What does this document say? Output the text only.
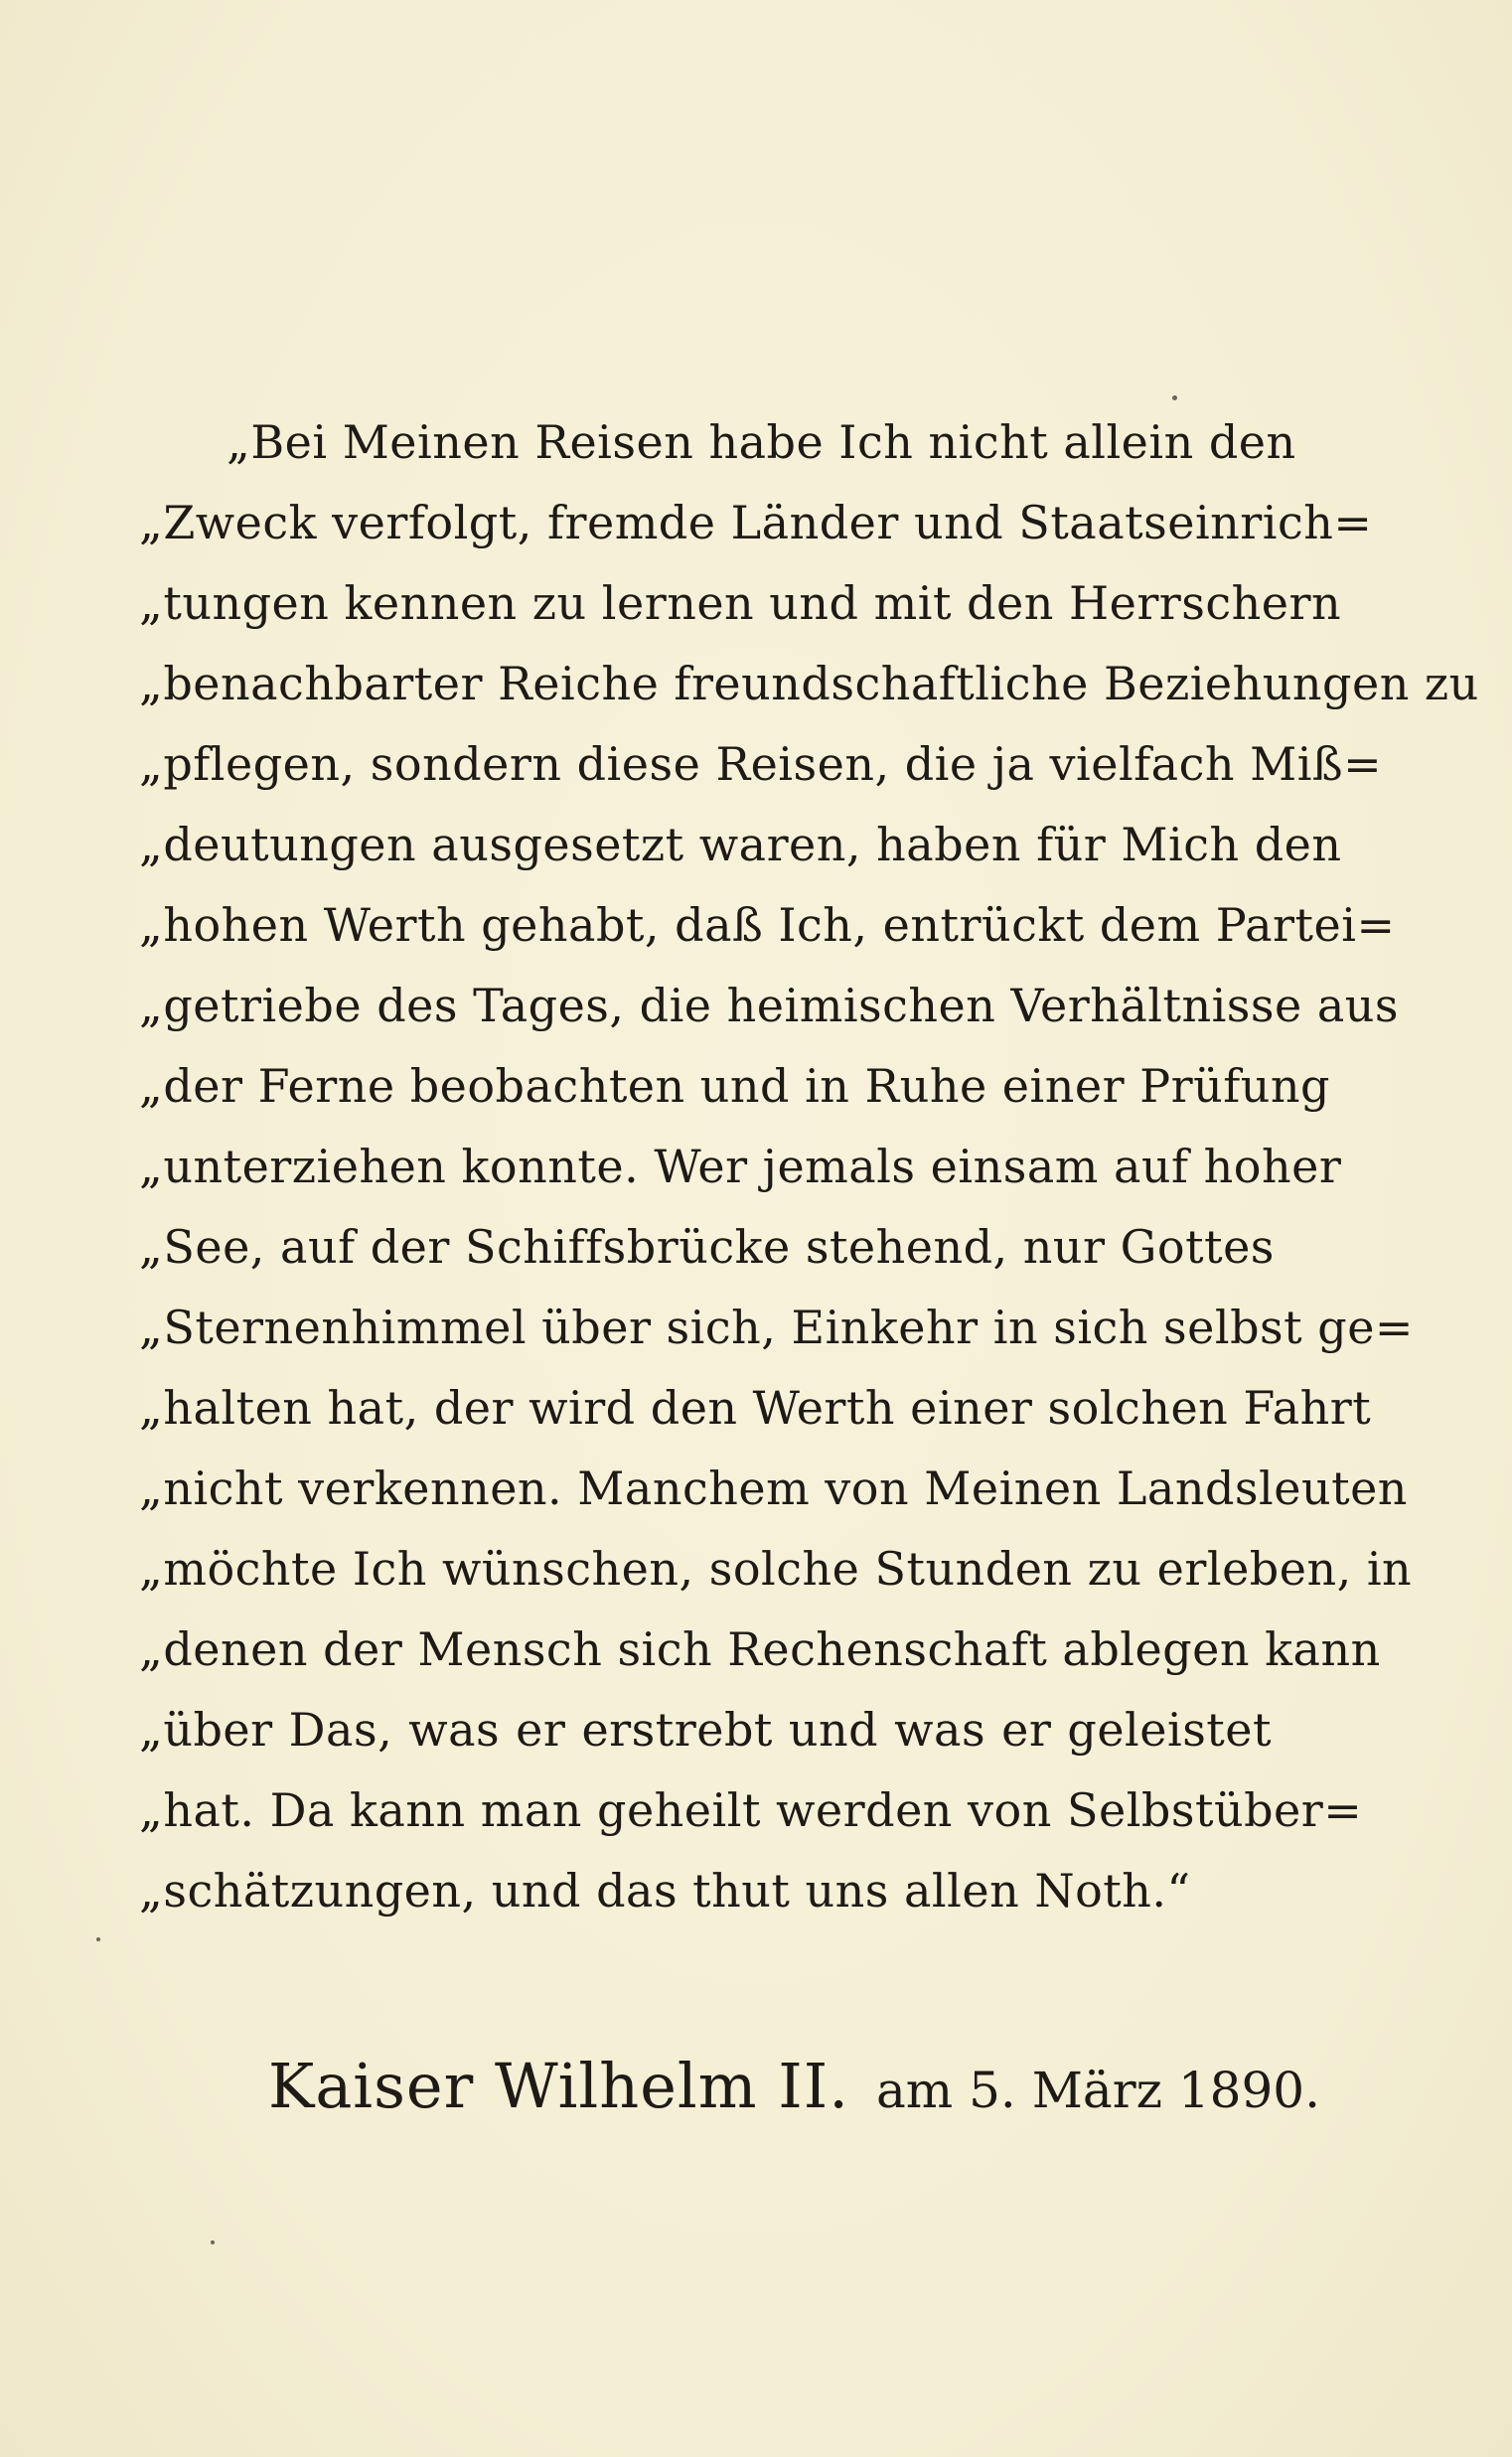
„Bei Meinen Reisen habe Ich nicht allein den
„Zweck verfolgt, fremde Länder und Staatseinrich=
„tungen kennen zu lernen und mit den Herrschern
„benachbarter Reiche freundschaftliche Beziehungen zu
„pflegen, sondern diese Reisen, die ja vielfach Miß=
„deutungen ausgesetzt waren, haben für Mich den
„hohen Werth gehabt, daß Ich, entrückt dem Partei=
„getriebe des Tages, die heimischen Verhältnisse aus
„der Ferne beobachten und in Ruhe einer Prüfung
„unterziehen konnte. Wer jemals einsam auf hoher
„See, auf der Schiffsbrücke stehend, nur Gottes
„Sternenhimmel über sich, Einkehr in sich selbst ge=
„halten hat, der wird den Werth einer solchen Fahrt
„nicht verkennen. Manchem von Meinen Landsleuten
„möchte Ich wünschen, solche Stunden zu erleben, in
„denen der Mensch sich Rechenschaft ablegen kann
„über Das, was er erstrebt und was er geleistet
„hat. Da kann man geheilt werden von Selbstüber=
„schätzungen, und das thut uns allen Noth.“
Kaiser Wilhelm II. am 5. März 1890.
